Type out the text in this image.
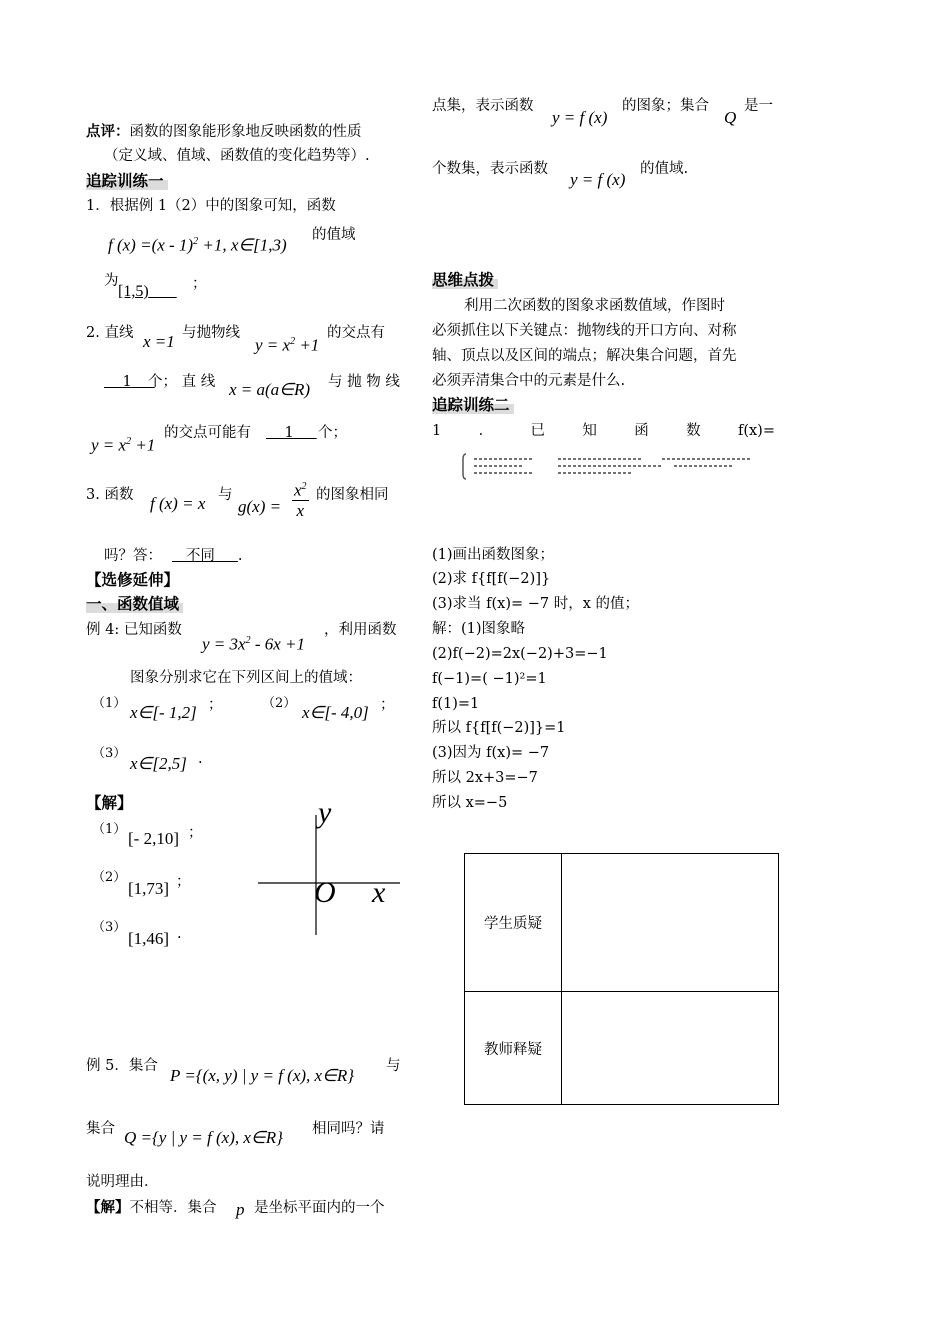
点评：函数的图象能形象地反映函数的性质
（定义域、值域、函数值的变化趋势等）.
追踪训练一
1．根据例 1（2）中的图象可知，函数
f (x) =(x - 1)$^2$ +1, x∈[1,3)
的值域
为
[1,5)	；
2. 直线 x =1 与抛物线
$y = x^2 +1$
的交点有
1	个； 直 线 x = a(a∈R) 与 抛 物 线
$y = x^2 +1$
的交点可能有	1	个；
3. 函数 f (x) = x 与
$g(x) = \frac{x^2}{x}$ 的图象相同
吗？答：	不同 .
【选修延伸】
一、函数值域
例 4: 已知函数
$y = 3x^2 - 6x +1$
，利用函数
图象分别求它在下列区间上的值域：
（1） x∈[- 1,2] ；	（2） x∈[- 4,0] ；
（3）
x∈[2,5] .
【解】
（1） [- 2,10] ；
（2）
[1,73] ；
（3）
[1,46] .
y
O x
例 5．集合 P ={(x, y) | y = f (x), x∈R} 与
集合 Q ={y | y = f (x), x∈R} 相同吗？请
说明理由．
【解】不相等．集合 p 是坐标平面内的一个
点集，表示函数
y = f (x)
的图象；集合
Q
是一
个数集，表示函数
y = f (x)
的值域.
思维点拨
利用二次函数的图象求函数值域，作图时
必须抓住以下关键点：抛物线的开口方向、对称
轴、顶点以及区间的端点；解决集合问题，首先
必须弄清集合中的元素是什么.
追踪训练二
1	．	已	知	函	数	f(x)=
(1)画出函数图象；
(2)求 f{f[f(−2)]}
(3)求当 f(x)= −7 时，x 的值；
解：(1)图象略
(2)f(−2)=2x(−2)+3=−1
f(−1)=( −1)²=1
f(1)=1
所以 f{f[f(−2)]}=1
(3)因为 f(x)= −7
所以 2x+3=−7
所以 x=−5
学生质疑	
教师释疑	
